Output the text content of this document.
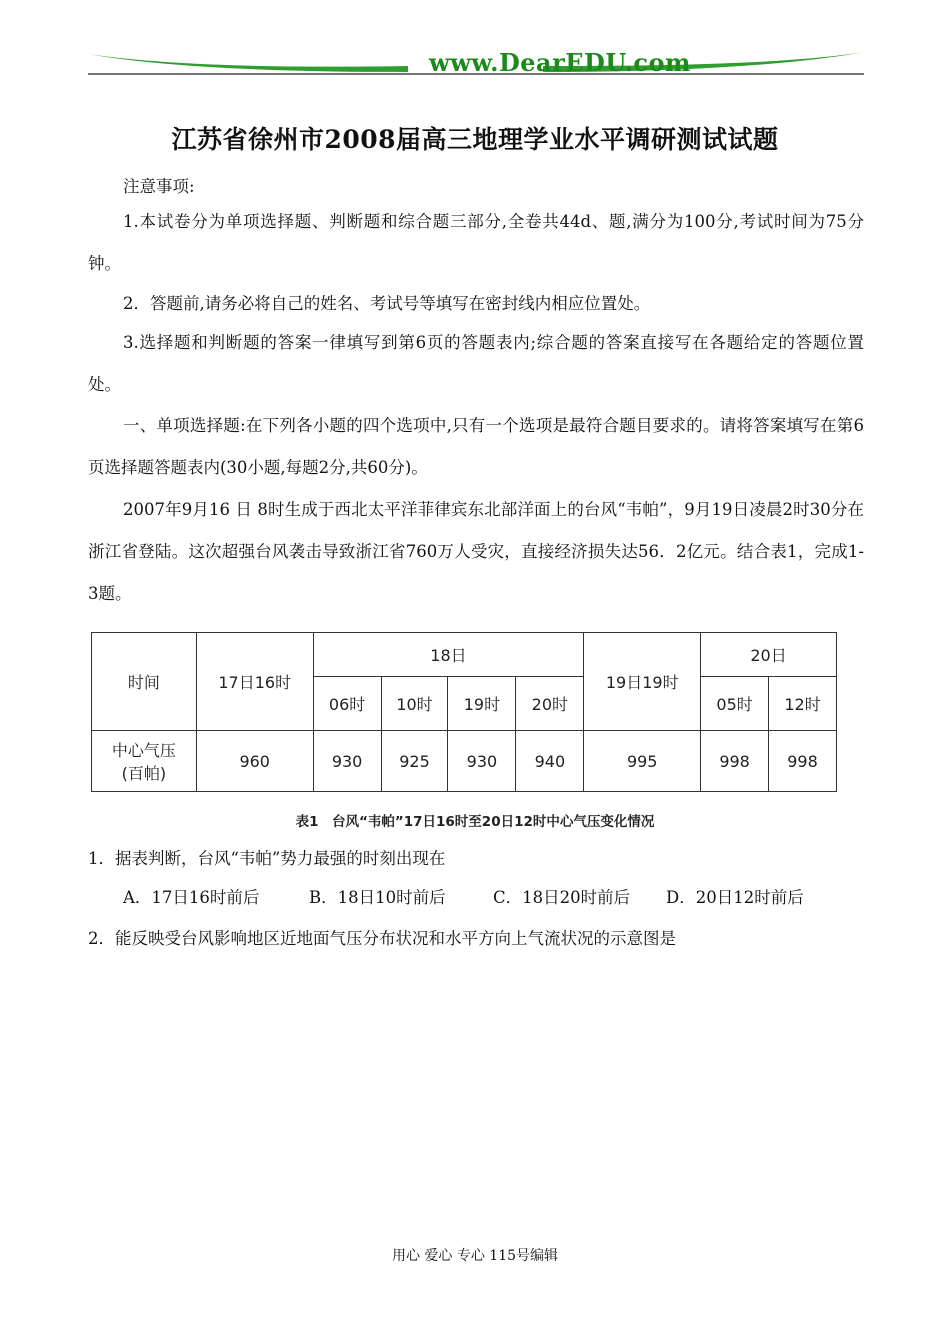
www.DearEDU.com
江苏省徐州市2008届高三地理学业水平调研测试试题
注意事项:
1.本试卷分为单项选择题、判断题和综合题三部分,全卷共44d、题,满分为100分,考试时间为75分钟。
2．答题前,请务必将自己的姓名、考试号等填写在密封线内相应位置处。
3.选择题和判断题的答案一律填写到第6页的答题表内;综合题的答案直接写在各题给定的答题位置处。
一、单项选择题:在下列各小题的四个选项中,只有一个选项是最符合题目要求的。请将答案填写在第6页选择题答题表内(30小题,每题2分,共60分)。
2007年9月16 日 8时生成于西北太平洋菲律宾东北部洋面上的台风“韦帕”，9月19日凌晨2时30分在浙江省登陆。这次超强台风袭击导致浙江省760万人受灾，直接经济损失达56．2亿元。结合表1，完成1-3题。
时间	17日16时	18日				19日19时	20日	
		06时	10时	19时	20时		05时	12时

中心气压
(百帕)	960	930	925	930	940	995	998	998
表1　台风“韦帕”17日16时至20日12时中心气压变化情况
1．据表判断，台风“韦帕”势力最强的时刻出现在
A．17日16时前后	B．18日10时前后	C．18日20时前后 D．20日12时前后
2．能反映受台风影响地区近地面气压分布状况和水平方向上气流状况的示意图是
用心 爱心 专心 115号编辑
